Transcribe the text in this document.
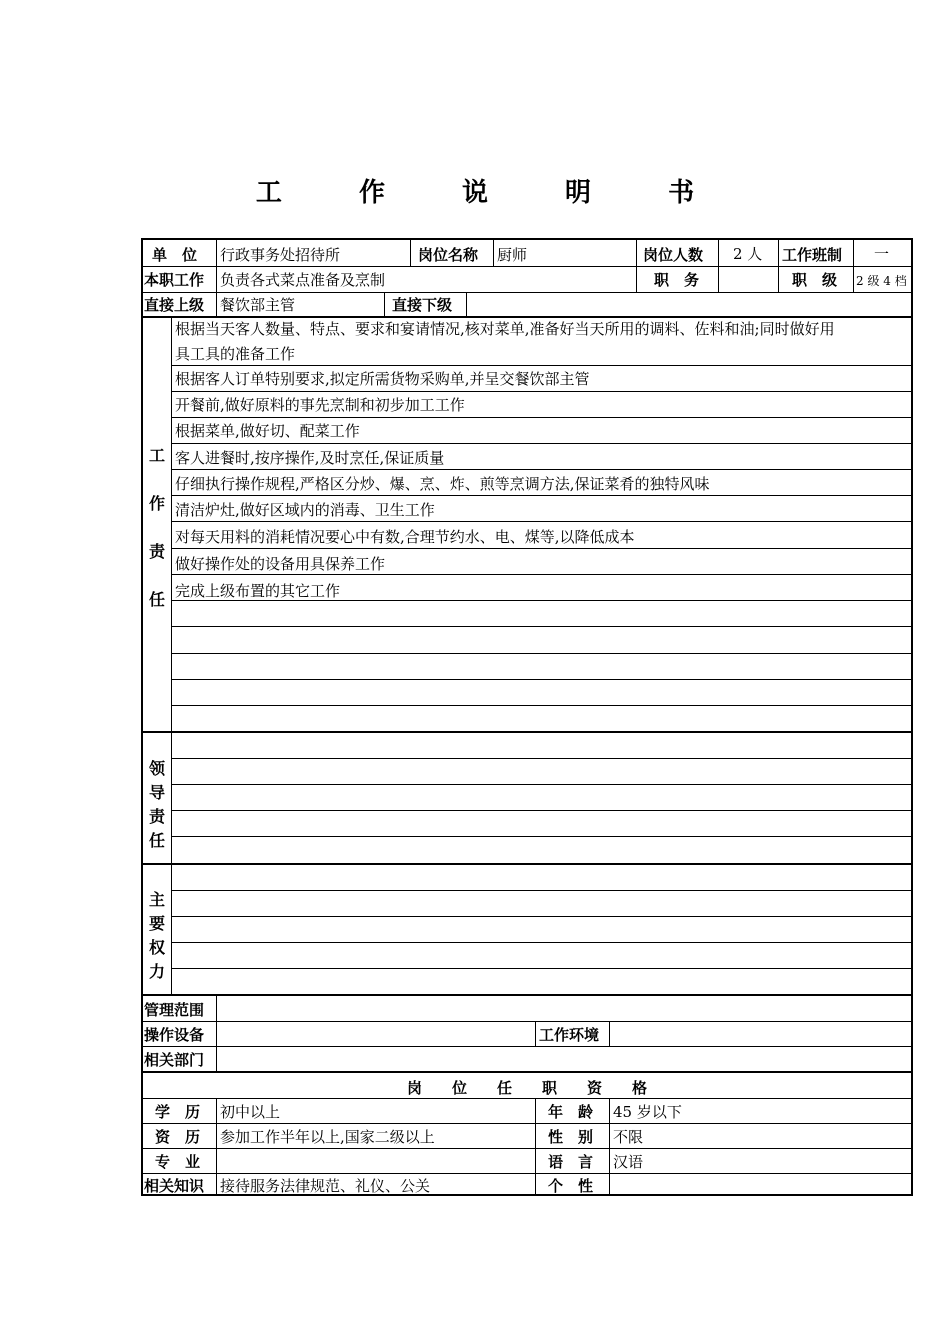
工 作 说 明 书
单　位 行政事务处招待所	岗位名称 厨师	岗位人数 2 人 工作班制 一
本职工作 负责各式菜点准备及烹制	职　务	职　级 2 级 4 档
直接上级 餐饮部主管	直接下级
工
作
责
任
根据当天客人数量、特点、要求和宴请情况,核对菜单,准备好当天所用的调料、佐料和油;同时做好用
具工具的准备工作
根据客人订单特别要求,拟定所需货物采购单,并呈交餐饮部主管
开餐前,做好原料的事先烹制和初步加工工作
根据菜单,做好切、配菜工作
客人进餐时,按序操作,及时烹任,保证质量
仔细执行操作规程,严格区分炒、爆、烹、炸、煎等烹调方法,保证菜肴的独特风味
清洁炉灶,做好区域内的消毒、卫生工作
对每天用料的消耗情况要心中有数,合理节约水、电、煤等,以降低成本
做好操作处的设备用具保养工作
完成上级布置的其它工作
领
导
责
任
主
要
权
力
管理范围
操作设备	工作环境
相关部门
岗　　位　　任　　职　　资　　格
学　历 初中以上	年　龄 45 岁以下
资　历 参加工作半年以上,国家二级以上	性　别 不限
专　业	语　言 汉语
相关知识 接待服务法律规范、礼仪、公关	个　性
